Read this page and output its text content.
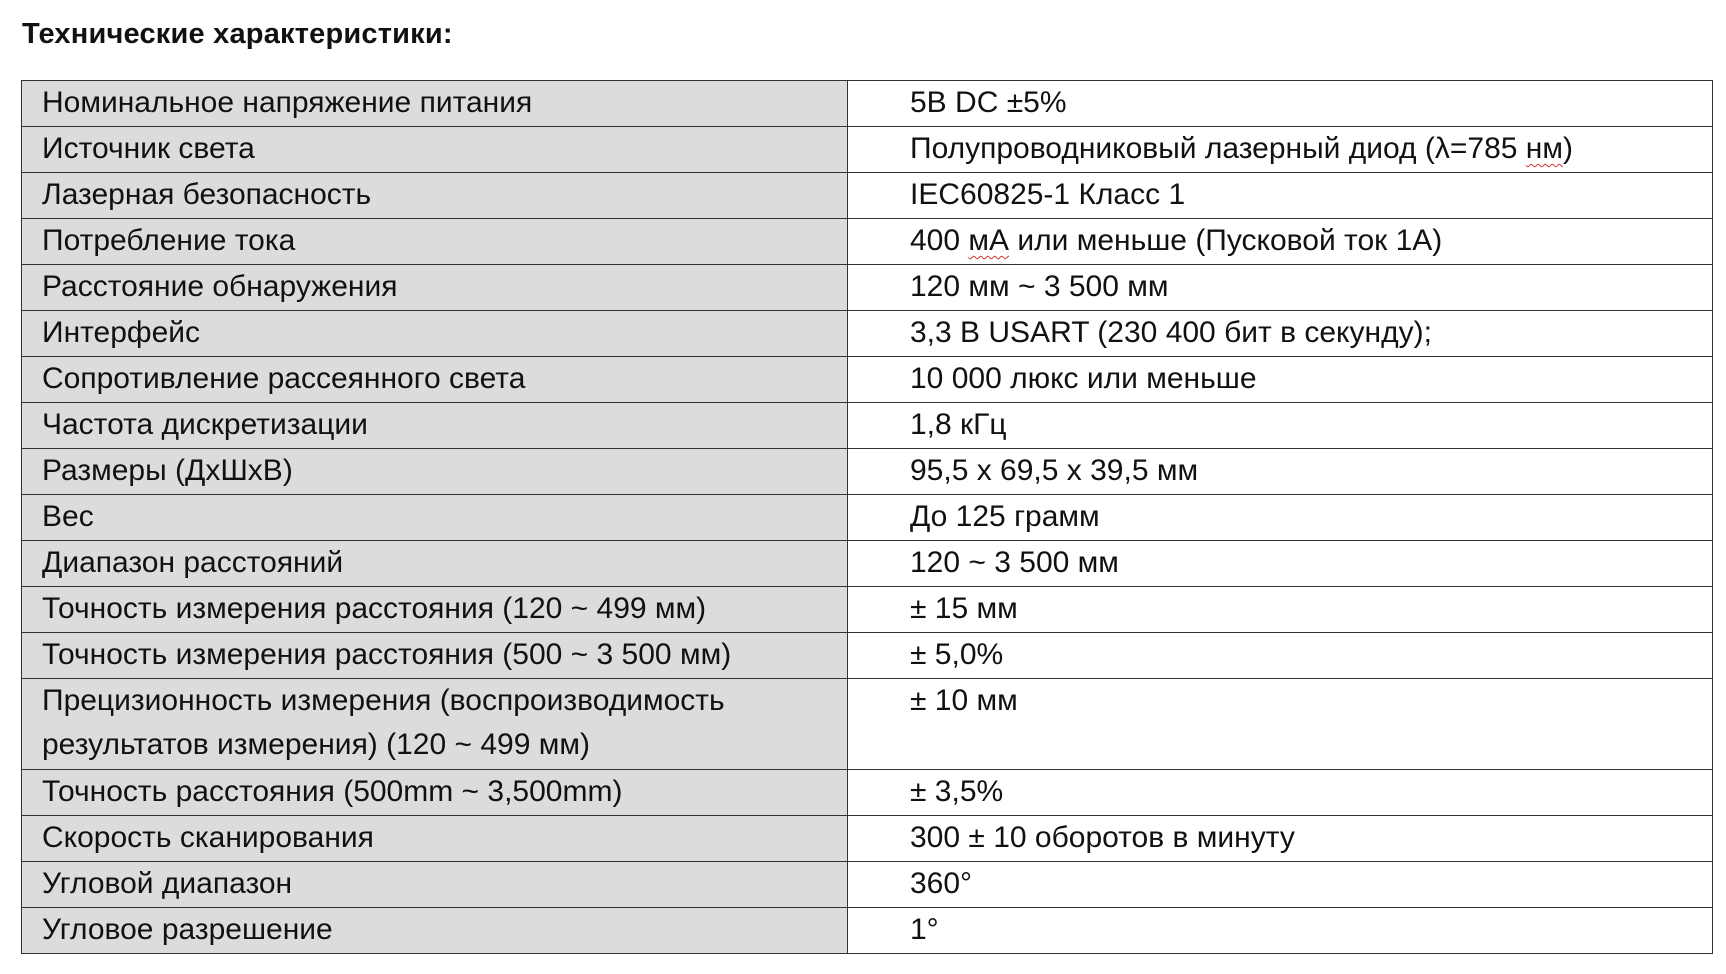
Технические характеристики:
Номинальное напряжение питания	5В DC ±5%
Источник света	Полупроводниковый лазерный диод (λ=785 нм)
Лазерная безопасность	IEC60825-1 Класс 1
Потребление тока	400 мА или меньше (Пусковой ток 1А)
Расстояние обнаружения	120 мм ~ 3 500 мм
Интерфейс	3,3 В USART (230 400 бит в секунду);
Сопротивление рассеянного света	10 000 люкс или меньше
Частота дискретизации	1,8 кГц
Размеры (ДхШхВ)	95,5 x 69,5 x 39,5 мм
Вес	До 125 грамм
Диапазон расстояний	120 ~ 3 500 мм
Точность измерения расстояния (120 ~ 499 мм)	± 15 мм
Точность измерения расстояния (500 ~ 3 500 мм)	± 5,0%
Прецизионность измерения (воспроизводимость
результатов измерения) (120 ~ 499 мм)	± 10 мм
Точность расстояния (500mm ~ 3,500mm)	± 3,5%
Скорость сканирования	300 ± 10 оборотов в минуту
Угловой диапазон	360°
Угловое разрешение	1°
